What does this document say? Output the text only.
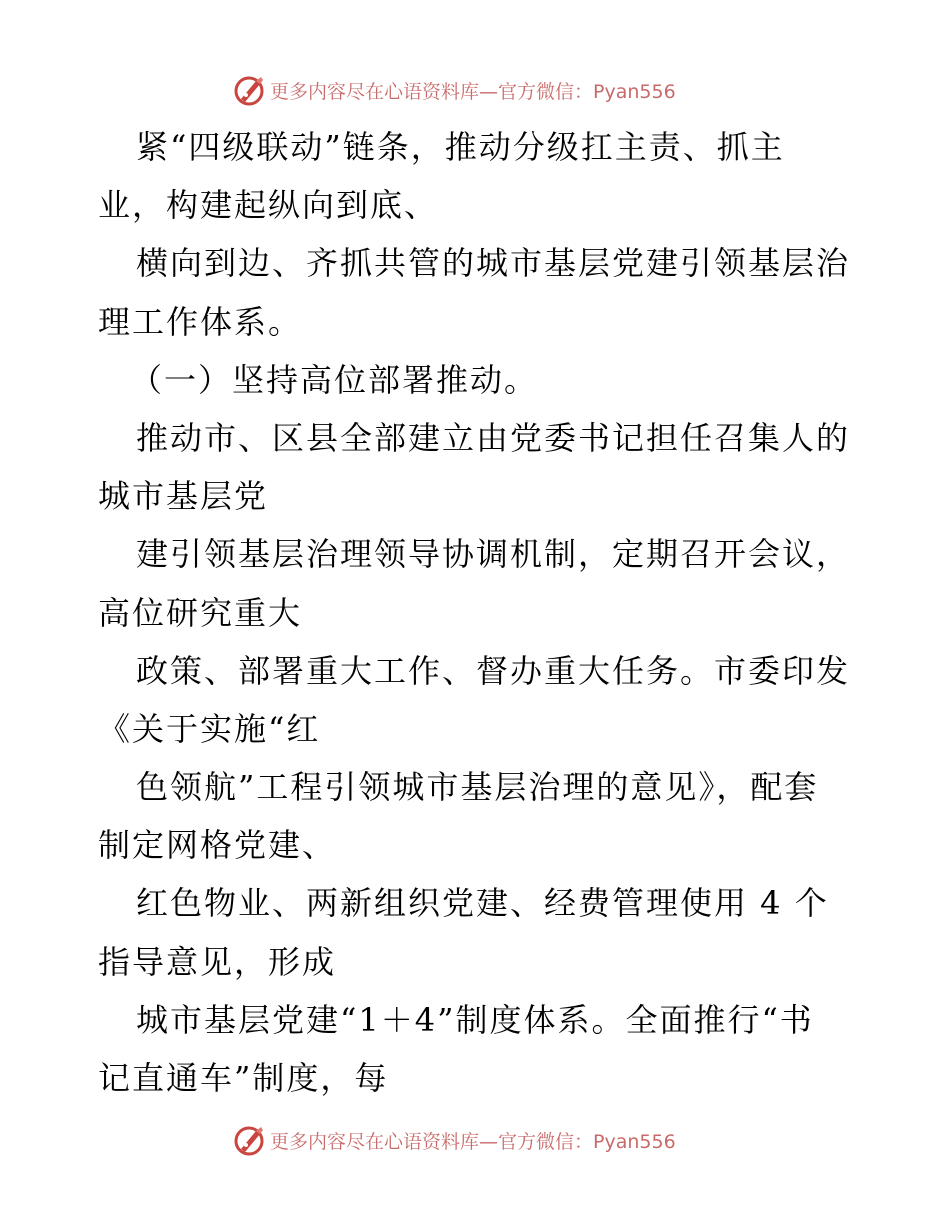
更多内容尽在心语资料库—官方微信：Pyan556
紧“四级联动”链条，推动分级扛主责、抓主
业，构建起纵向到底、
横向到边、齐抓共管的城市基层党建引领基层治
理工作体系。
（一）坚持高位部署推动。
推动市、区县全部建立由党委书记担任召集人的
城市基层党
建引领基层治理领导协调机制，定期召开会议，
高位研究重大
政策、部署重大工作、督办重大任务。市委印发
《关于实施“红
色领航”工程引领城市基层治理的意见》，配套
制定网格党建、
红色物业、两新组织党建、经费管理使用 4 个
指导意见，形成
城市基层党建“1＋4”制度体系。全面推行“书
记直通车”制度，每
更多内容尽在心语资料库—官方微信：Pyan556
